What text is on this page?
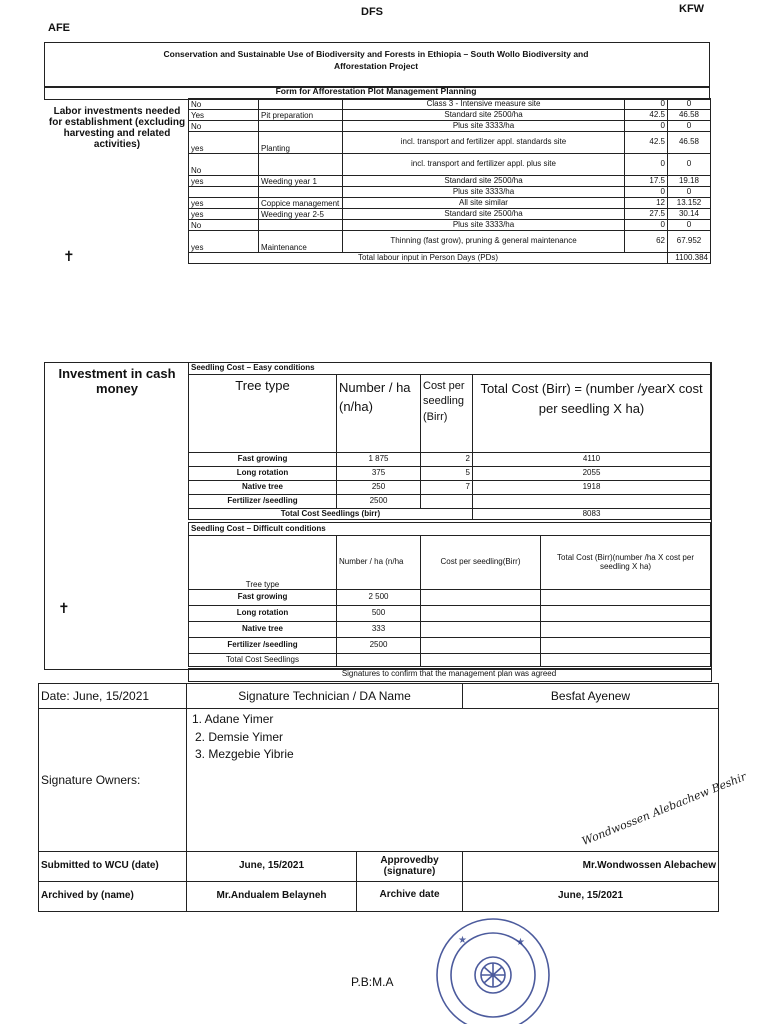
AFE
DFS	KFW
Conservation and Sustainable Use of Biodiversity and Forests in Ethiopia – South Wollo Biodiversity and
Afforestation Project
Form for Afforestation Plot Management Planning
Labor investments needed for establishment (excluding harvesting and related activities)
No		Class 3 - Intensive measure site	0	0
Yes	Pit preparation	Standard site 2500/ha	42.5	46.58
No		Plus site 3333/ha	0	0
yes	Planting	incl. transport and fertilizer appl. standards site	42.5	46.58
No		incl. transport and fertilizer appl. plus site	0	0
yes	Weeding year 1	Standard site 2500/ha	17.5	19.18
		Plus site 3333/ha	0	0
yes	Coppice management	All site similar	12	13.152
yes	Weeding year 2-5	Standard site 2500/ha	27.5	30.14
No		Plus site 3333/ha	0	0
yes	Maintenance	Thinning (fast grow), pruning & general maintenance	62	67.952
Total labour input in Person Days (PDs)				1100.384
Investment in cash money
Seedling Cost – Easy conditions			
Tree type	Number / ha (n/ha)	Cost per seedling (Birr)	Total Cost (Birr) = (number /yearX cost per seedling X ha)
Fast growing	1 875	2	4110
Long rotation	375	5	2055
Native tree	250	7	1918
Fertilizer /seedling	2500		
Total Cost Seedlings (birr)			8083
Seedling Cost – Difficult conditions			
Tree type	Number / ha (n/ha	Cost per seedling(Birr)	Total Cost (Birr)(number /ha X cost per seedling X ha)
Fast growing	2 500		
Long rotation	500		
Native tree	333		
Fertilizer /seedling	2500		
Total Cost Seedlings			
Signatures to confirm that the management plan was agreed
Date: June, 15/2021	Signature Technician / DA Name		Besfat Ayenew
Signature Owners:	1. Adane Yimer
2. Demsie Yimer
3. Mezgebie Yibrie		

Submitted to WCU (date)	June, 15/2021	Approvedby (signature)	Mr.Wondwossen Alebachew
Archived by (name)	Mr.Andualem Belayneh	Archive date	June, 15/2021
Wondwossen Alebachew Beshir
★	★
✝
✝
P.B:M.A
